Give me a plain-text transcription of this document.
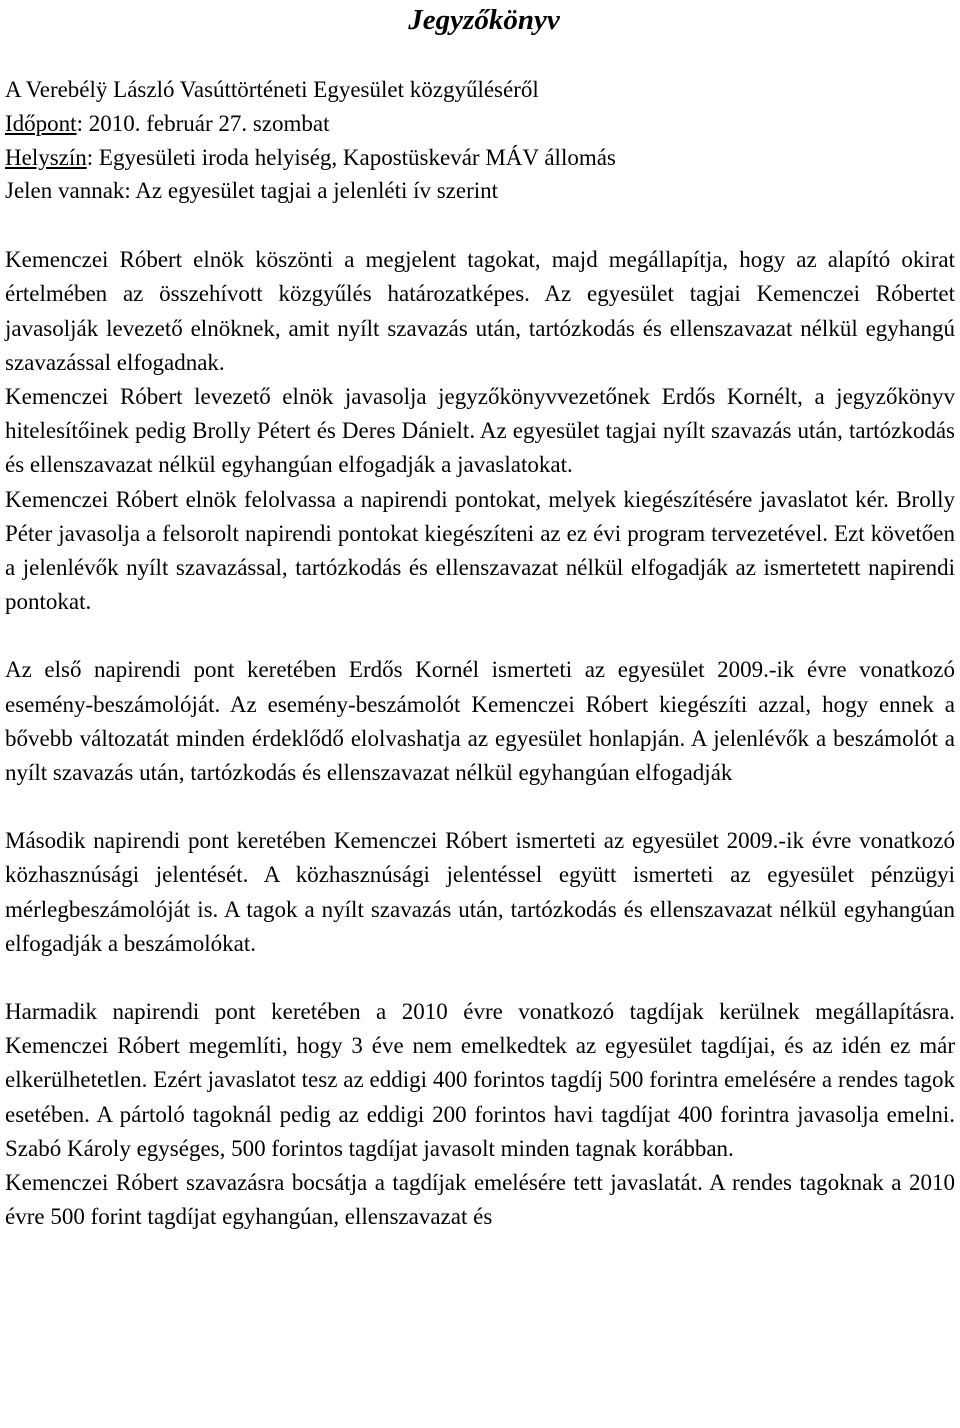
Jegyzőkönyv
A Verebélÿ László Vasúttörténeti Egyesület közgyűléséről
Időpont: 2010. február 27. szombat
Helyszín: Egyesületi iroda helyiség, Kapostüskevár MÁV állomás
Jelen vannak: Az egyesület tagjai a jelenléti ív szerint

Kemenczei Róbert elnök köszönti a megjelent tagokat, majd megállapítja, hogy az alapító okirat értelmében az összehívott közgyűlés határozatképes. Az egyesület tagjai Kemenczei Róbertet javasolják levezető elnöknek, amit nyílt szavazás után, tartózkodás és ellenszavazat nélkül egyhangú szavazással elfogadnak.

Kemenczei Róbert levezető elnök javasolja jegyzőkönyvvezetőnek Erdős Kornélt, a jegyzőkönyv hitelesítőinek pedig Brolly Pétert és Deres Dánielt. Az egyesület tagjai nyílt szavazás után, tartózkodás és ellenszavazat nélkül egyhangúan elfogadják a javaslatokat.

Kemenczei Róbert elnök felolvassa a napirendi pontokat, melyek kiegészítésére javaslatot kér. Brolly Péter javasolja a felsorolt napirendi pontokat kiegészíteni az ez évi program tervezetével. Ezt követően a jelenlévők nyílt szavazással, tartózkodás és ellenszavazat nélkül elfogadják az ismertetett napirendi pontokat.

Az első napirendi pont keretében Erdős Kornél ismerteti az egyesület 2009.-ik évre vonatkozó esemény-beszámolóját. Az esemény-beszámolót Kemenczei Róbert kiegészíti azzal, hogy ennek a bővebb változatát minden érdeklődő elolvashatja az egyesület honlapján. A jelenlévők a beszámolót a nyílt szavazás után, tartózkodás és ellenszavazat nélkül egyhangúan elfogadják

Második napirendi pont keretében Kemenczei Róbert ismerteti az egyesület 2009.-ik évre vonatkozó közhasznúsági jelentését. A közhasznúsági jelentéssel együtt ismerteti az egyesület pénzügyi mérlegbeszámolóját is. A tagok a nyílt szavazás után, tartózkodás és ellenszavazat nélkül egyhangúan elfogadják a beszámolókat.

Harmadik napirendi pont keretében a 2010 évre vonatkozó tagdíjak kerülnek megállapításra. Kemenczei Róbert megemlíti, hogy 3 éve nem emelkedtek az egyesület tagdíjai, és az idén ez már elkerülhetetlen. Ezért javaslatot tesz az eddigi 400 forintos tagdíj 500 forintra emelésére a rendes tagok esetében. A pártoló tagoknál pedig az eddigi 200 forintos havi tagdíjat 400 forintra javasolja emelni. Szabó Károly egységes, 500 forintos tagdíjat javasolt minden tagnak korábban.

Kemenczei Róbert szavazásra bocsátja a tagdíjak emelésére tett javaslatát. A rendes tagoknak a 2010 évre 500 forint tagdíjat egyhangúan, ellenszavazat és
